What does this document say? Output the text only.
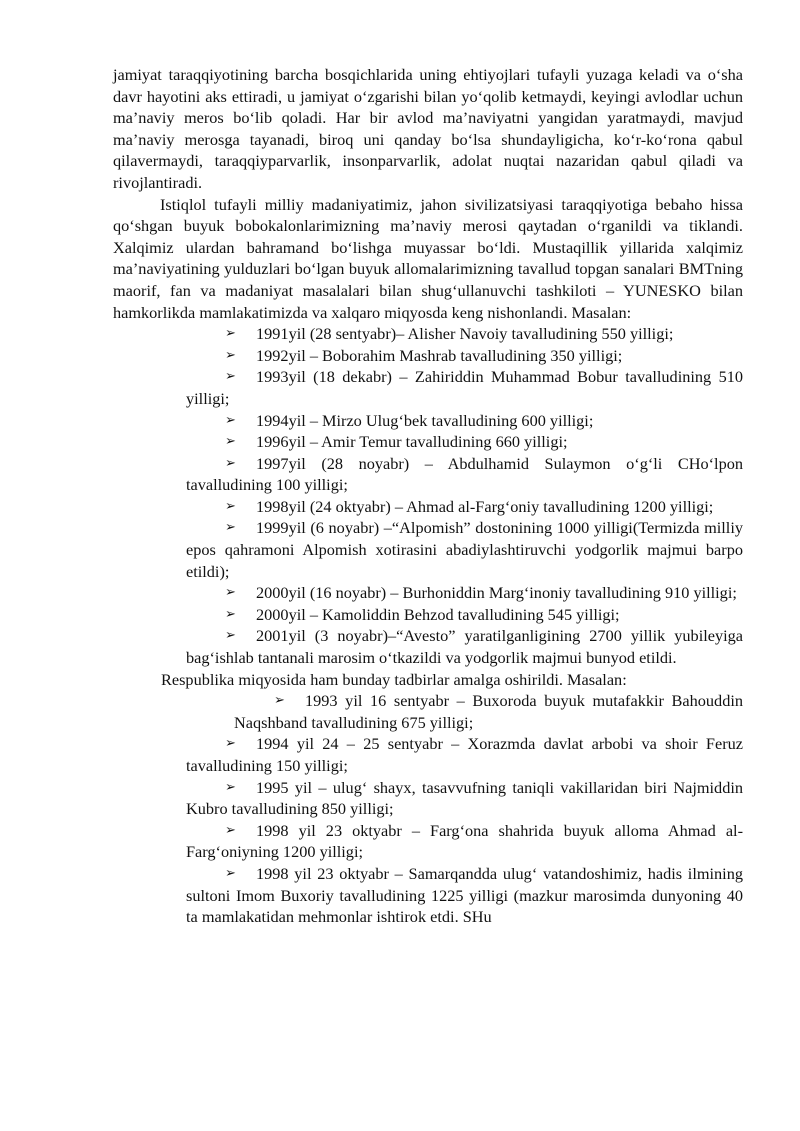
jamiyat taraqqiyotining barcha bosqichlarida uning ehtiyojlari tufayli yuzaga keladi va o‘sha davr hayotini aks ettiradi, u jamiyat o‘zgarishi bilan yo‘qolib ketmaydi, keyingi avlodlar uchun ma’naviy meros bo‘lib qoladi. Har bir avlod ma’naviyatni yangidan yaratmaydi, mavjud ma’naviy merosga tayanadi, biroq uni qanday bo‘lsa shundayligicha, ko‘r-ko‘rona qabul qilavermaydi, taraqqiyparvarlik, insonparvarlik, adolat nuqtai nazaridan qabul qiladi va rivojlantiradi.

Istiqlol tufayli milliy madaniyatimiz, jahon sivilizatsiyasi taraqqiyotiga bebaho hissa qo‘shgan buyuk bobokalonlarimizning ma’naviy merosi qaytadan o‘rganildi va tiklandi. Xalqimiz ulardan bahramand bo‘lishga muyassar bo‘ldi. Mustaqillik yillarida xalqimiz ma’naviyatining yulduzlari bo‘lgan buyuk allomalarimizning tavallud topgan sanalari BMTning maorif, fan va madaniyat masalalari bilan shug‘ullanuvchi tashkiloti – YUNESKO bilan hamkorlikda mamlakatimizda va xalqaro miqyosda keng nishonlandi. Masalan:

➢ 1991yil (28 sentyabr)– Alisher Navoiy tavalludining 550 yilligi;
➢ 1992yil – Boborahim Mashrab tavalludining 350 yilligi;
➢ 1993yil (18 dekabr) – Zahiriddin Muhammad Bobur tavalludining 510 yilligi;
➢ 1994yil – Mirzo Ulug‘bek tavalludining 600 yilligi;
➢ 1996yil – Amir Temur tavalludining 660 yilligi;
➢ 1997yil (28 noyabr) – Abdulhamid Sulaymon o‘g‘li CHo‘lpon tavalludining 100 yilligi;
➢ 1998yil (24 oktyabr) – Ahmad al-Farg‘oniy tavalludining 1200 yilligi;
➢ 1999yil (6 noyabr) –“Alpomish” dostonining 1000 yilligi(Termizda milliy epos qahramoni Alpomish xotirasini abadiylashtiruvchi yodgorlik majmui barpo etildi);
➢ 2000yil (16 noyabr) – Burhoniddin Marg‘inoniy tavalludining 910 yilligi;
➢ 2000yil – Kamoliddin Behzod tavalludining 545 yilligi;
➢ 2001yil (3 noyabr)–“Avesto” yaratilganligining 2700 yillik yubileyiga bag‘ishlab tantanali marosim o‘tkazildi va yodgorlik majmui bunyod etildi.

Respublika miqyosida ham bunday tadbirlar amalga oshirildi. Masalan:

➢ 1993 yil 16 sentyabr – Buxoroda buyuk mutafakkir Bahouddin Naqshband tavalludining 675 yilligi;
➢ 1994 yil 24 – 25 sentyabr – Xorazmda davlat arbobi va shoir Feruz tavalludining 150 yilligi;
➢ 1995 yil – ulug‘ shayx, tasavvufning taniqli vakillaridan biri Najmiddin Kubro tavalludining 850 yilligi;
➢ 1998 yil 23 oktyabr – Farg‘ona shahrida buyuk alloma Ahmad al-Farg‘oniyning 1200 yilligi;
➢ 1998 yil 23 oktyabr – Samarqandda ulug‘ vatandoshimiz, hadis ilmining sultoni Imom Buxoriy tavalludining 1225 yilligi (mazkur marosimda dunyoning 40 ta mamlakatidan mehmonlar ishtirok etdi. SHu
